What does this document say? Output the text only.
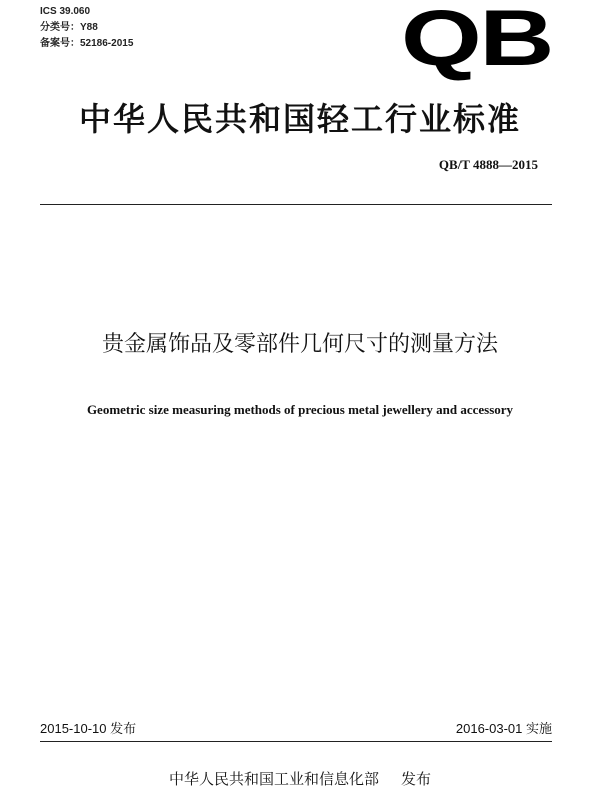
ICS 39.060
分类号：Y88
备案号：52186-2015	QB
中华人民共和国轻工行业标准
QB/T 4888—2015
贵金属饰品及零部件几何尺寸的测量方法
Geometric size measuring methods of precious metal jewellery and accessory
2015-10-10 发布	2016-03-01 实施
中华人民共和国工业和信息化部 发布
